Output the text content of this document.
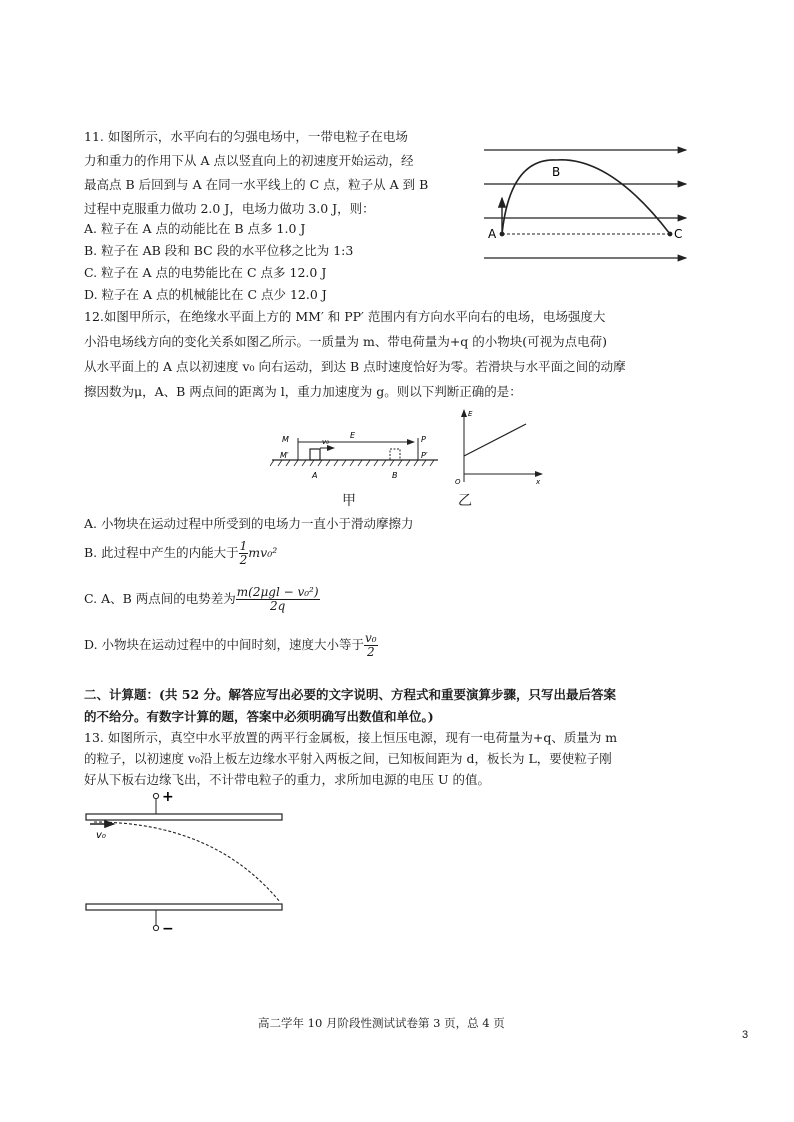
11. 如图所示，水平向右的匀强电场中，一带电粒子在电场
力和重力的作用下从 A 点以竖直向上的初速度开始运动，经
最高点 B 后回到与 A 在同一水平线上的 C 点，粒子从 A 到 B
过程中克服重力做功 2.0 J，电场力做功 3.0 J，则：
A. 粒子在 A 点的动能比在 B 点多 1.0 J
B. 粒子在 AB 段和 BC 段的水平位移之比为 1:3
C. 粒子在 A 点的电势能比在 C 点多 12.0 J
D. 粒子在 A 点的机械能比在 C 点少 12.0 J
A
B
C
12.如图甲所示，在绝缘水平面上方的 MM′ 和 PP′ 范围内有方向水平向右的电场，电场强度大
小沿电场线方向的变化关系如图乙所示。一质量为 m、带电荷量为+q 的小物块(可视为点电荷)
从水平面上的 A 点以初速度 v₀ 向右运动，到达 B 点时速度恰好为零。若滑块与水平面之间的动摩
擦因数为μ，A、B 两点间的距离为 l，重力加速度为 g。则以下判断正确的是：
M
M′
P
P′
E
v₀
A	B
甲
E
O	x
乙
A. 小物块在运动过程中所受到的电场力一直小于滑动摩擦力
B. 此过程中产生的内能大于 $\frac{1}{2} mv_0^2$
C. A、B 两点间的电势差为 $\frac{\text{m(2μgl − v₀²)}}{2q}$
D. 小物块在运动过程中的中间时刻，速度大小等于 $\frac{\text{v₀}}{2}$
二、计算题：(共 52 分。解答应写出必要的文字说明、方程式和重要演算步骤，只写出最后答案
的不给分。有数字计算的题，答案中必须明确写出数值和单位。)
13. 如图所示，真空中水平放置的两平行金属板，接上恒压电源，现有一电荷量为+q、质量为 m
的粒子，以初速度 v₀沿上板左边缘水平射入两板之间，已知板间距为 d，板长为 L，要使粒子刚
好从下板右边缘飞出，不计带电粒子的重力，求所加电源的电压 U 的值。
+
−
v₀
高二学年 10 月阶段性测试试卷第 3 页，总 4 页
3
